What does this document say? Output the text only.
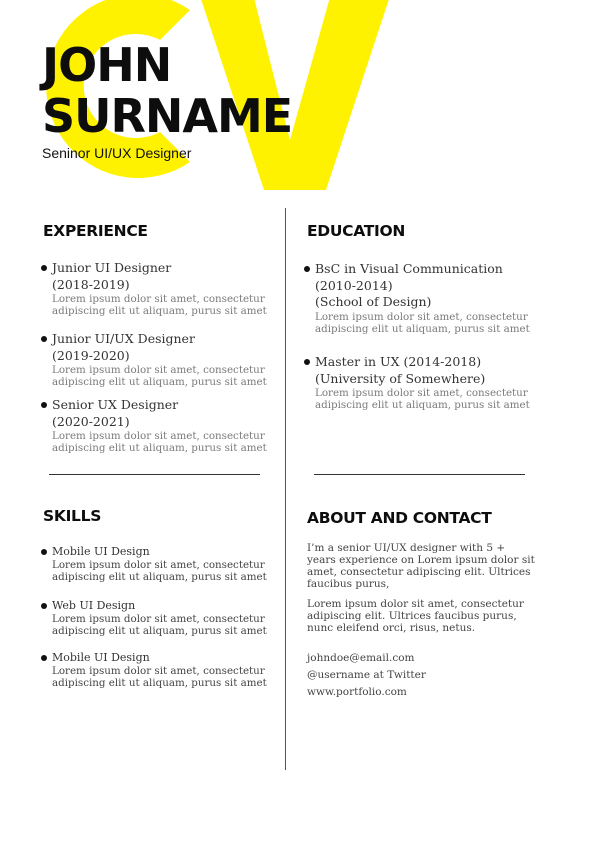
JOHN
SURNAME
Seninor UI/UX Designer
EXPERIENCE
Junior UI Designer
(2018-2019)
Lorem ipsum dolor sit amet, consectetur
adipiscing elit ut aliquam, purus sit amet
Junior UI/UX Designer
(2019-2020)
Lorem ipsum dolor sit amet, consectetur
adipiscing elit ut aliquam, purus sit amet
Senior UX Designer
(2020-2021)
Lorem ipsum dolor sit amet, consectetur
adipiscing elit ut aliquam, purus sit amet
EDUCATION
BsC in Visual Communication
(2010-2014)
(School of Design)
Lorem ipsum dolor sit amet, consectetur
adipiscing elit ut aliquam, purus sit amet
Master in UX (2014-2018)
(University of Somewhere)
Lorem ipsum dolor sit amet, consectetur
adipiscing elit ut aliquam, purus sit amet
SKILLS
Mobile UI Design
Lorem ipsum dolor sit amet, consectetur
adipiscing elit ut aliquam, purus sit amet
Web UI Design
Lorem ipsum dolor sit amet, consectetur
adipiscing elit ut aliquam, purus sit amet
Mobile UI Design
Lorem ipsum dolor sit amet, consectetur
adipiscing elit ut aliquam, purus sit amet
ABOUT AND CONTACT
I’m a senior UI/UX designer with 5 + years experience on Lorem ipsum dolor sit amet, consectetur adipiscing elit. Ultrices faucibus purus,
Lorem ipsum dolor sit amet, consectetur adipiscing elit. Ultrices faucibus purus, nunc eleifend orci, risus, netus.
johndoe@email.com
@username at Twitter
www.portfolio.com
